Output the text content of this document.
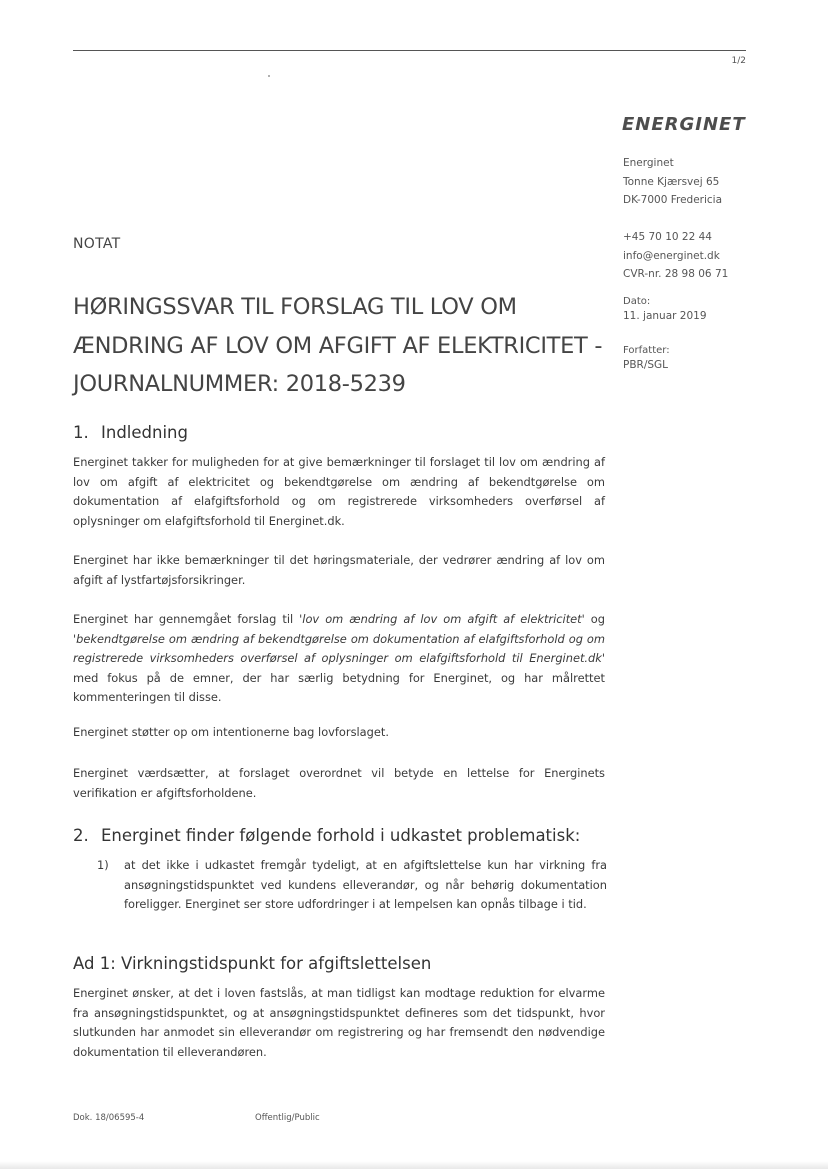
1/2
ENERGINET
Energinet
Tonne Kjærsvej 65
DK-7000 Fredericia
+45 70 10 22 44
info@energinet.dk
CVR-nr. 28 98 06 71
Dato:
11. januar 2019
Forfatter:
PBR/SGL
NOTAT
HØRINGSSVAR TIL FORSLAG TIL LOV OM ÆNDRING AF LOV OM AFGIFT AF ELEKTRICITET - JOURNALNUMMER: 2018-5239
1. Indledning

Energinet takker for muligheden for at give bemærkninger til forslaget til lov om ændring af lov om afgift af elektricitet og bekendtgørelse om ændring af bekendtgørelse om dokumentation af elafgiftsforhold og om registrerede virksomheders overførsel af oplysninger om elafgiftsforhold til Energinet.dk.

Energinet har ikke bemærkninger til det høringsmateriale, der vedrører ændring af lov om afgift af lystfartøjsforsikringer.

Energinet har gennemgået forslag til 'lov om ændring af lov om afgift af elektricitet' og 'bekendtgørelse om ændring af bekendtgørelse om dokumentation af elafgiftsforhold og om registrerede virksomheders overførsel af oplysninger om elafgiftsforhold til Energinet.dk' med fokus på de emner, der har særlig betydning for Energinet, og har målrettet kommenteringen til disse.

Energinet støtter op om intentionerne bag lovforslaget.

Energinet værdsætter, at forslaget overordnet vil betyde en lettelse for Energinets verifikation er afgiftsforholdene.

2. Energinet finder følgende forhold i udkastet problematisk:
1) at det ikke i udkastet fremgår tydeligt, at en afgiftslettelse kun har virkning fra ansøgningstidspunktet ved kundens elleverandør, og når behørig dokumentation foreligger. Energinet ser store udfordringer i at lempelsen kan opnås tilbage i tid.
Ad 1: Virkningstidspunkt for afgiftslettelsen

Energinet ønsker, at det i loven fastslås, at man tidligst kan modtage reduktion for elvarme fra ansøgningstidspunktet, og at ansøgningstidspunktet defineres som det tidspunkt, hvor slutkunden har anmodet sin elleverandør om registrering og har fremsendt den nødvendige dokumentation til elleverandøren.

Dok. 18/06595-4	Offentlig/Public
